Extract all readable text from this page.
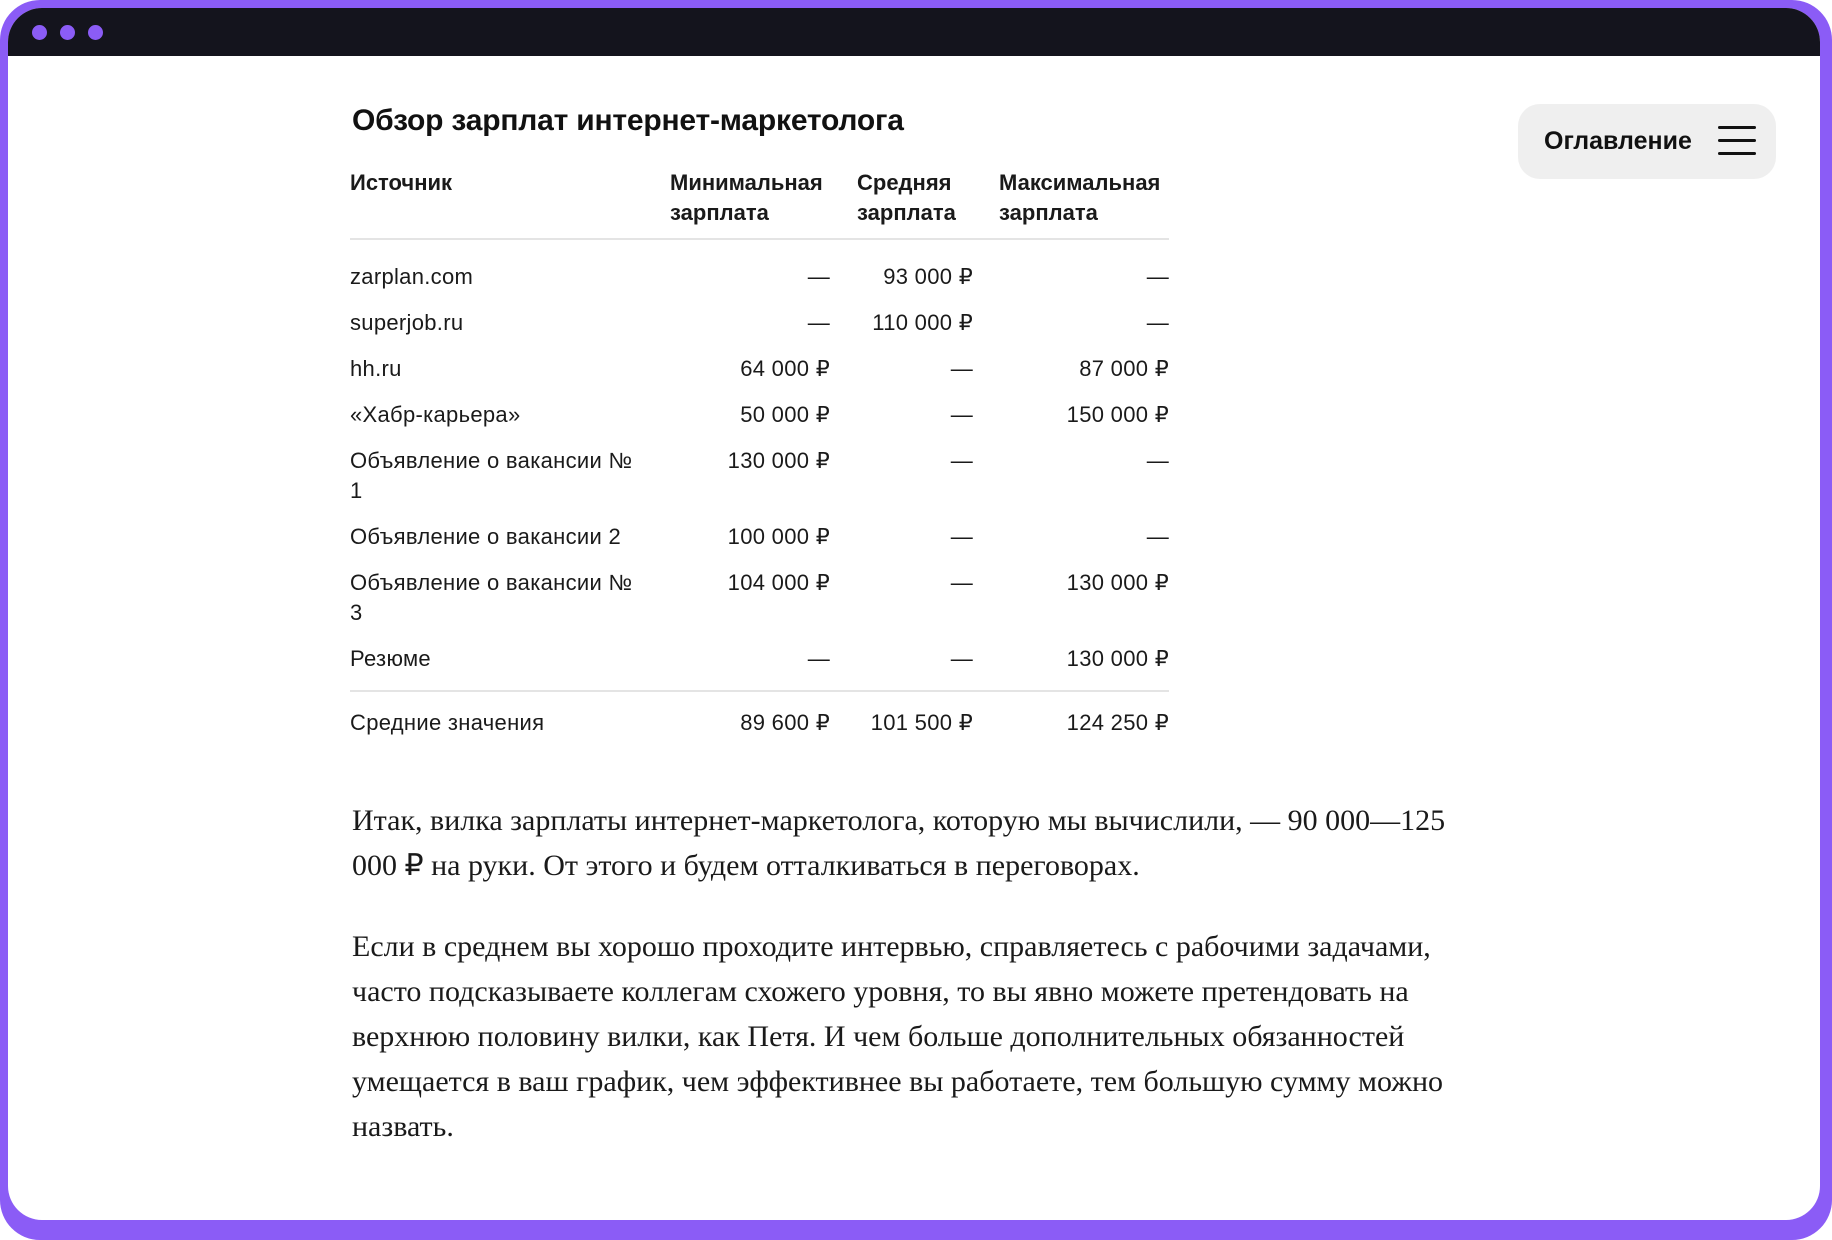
Обзор зарплат интернет-маркетолога
Источник	Минимальная зарплата	Средняя зарплата	Максимальная зарплата

zarplan.com	—	93 000 ₽	—
superjob.ru	—	110 000 ₽	—
hh.ru	64 000 ₽	—	87 000 ₽
«Хабр-карьера»	50 000 ₽	—	150 000 ₽
Объявление о вакансии № 1	130 000 ₽	—	—
Объявление о вакансии 2	100 000 ₽	—	—
Объявление о вакансии № 3	104 000 ₽	—	130 000 ₽
Резюме	—	—	130 000 ₽
Средние значения	89 600 ₽	101 500 ₽	124 250 ₽

Итак, вилка зарплаты интернет-маркетолога, которую мы вычислили, — 90 000—125 000 ₽ на руки. От этого и будем отталкиваться в переговорах.

Если в среднем вы хорошо проходите интервью, справляетесь с рабочими задачами, часто подсказываете коллегам схожего уровня, то вы явно можете претендовать на верхнюю половину вилки, как Петя. И чем больше дополнительных обязанностей умещается в ваш график, чем эффективнее вы работаете, тем большую сумму можно назвать.

Оглавление
